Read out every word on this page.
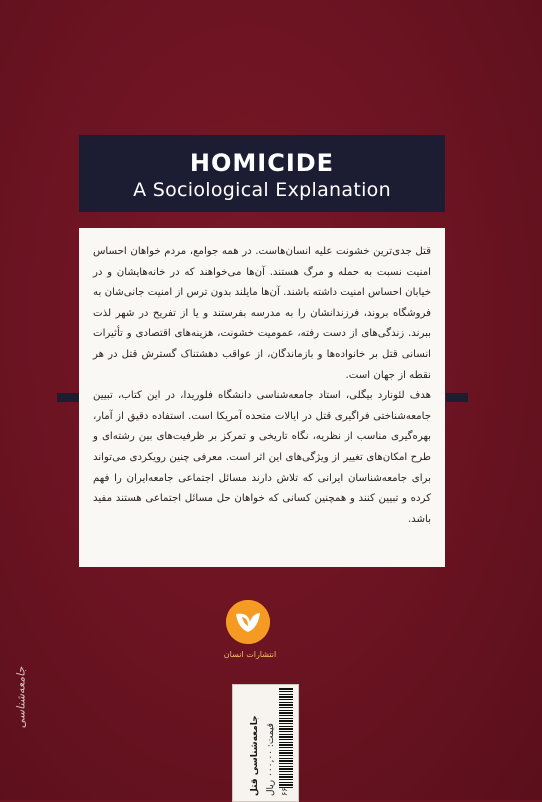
HOMICIDE
A Sociological Explanation

قتل جدی‌ترین خشونت علیه انسان‌هاست. در همه جوامع، مردم خواهان احساس امنیت نسبت به حمله و مرگ هستند. آن‌ها می‌خواهند که در خانه‌هایشان و در خیابان احساس امنیت داشته باشند. آن‌ها مایلند بدون ترس از امنیت جانی‌شان به فروشگاه بروند، فرزندانشان را به مدرسه بفرستند و یا از تفریح در شهر لذت ببرند. زندگی‌های از دست رفته، عمومیت خشونت، هزینه‌های اقتصادی و تأثیرات انسانی قتل بر خانواده‌ها و بازماندگان، از عواقب دهشتناک گسترش قتل در هر نقطه از جهان است.

هدف لئونارد بیگلی، استاد جامعه‌شناسی دانشگاه فلوریدا، در این کتاب، تبیین جامعه‌شناختی فراگیری قتل در ایالات متحده آمریکا است. استفاده دقیق از آمار، بهره‌گیری مناسب از نظریه، نگاه تاریخی و تمرکز بر ظرفیت‌های بین رشته‌ای و طرح امکان‌های تغییر از ویژگی‌های این اثر است. معرفی چنین رویکردی می‌تواند برای جامعه‌شناسان ایرانی که تلاش دارند مسائل اجتماعی جامعه‌ایران را فهم کرده و تبیین کنند و همچنین کسانی که خواهان حل مسائل اجتماعی هستند مفید باشد.

انتشارات انسان
جامعه‌شناسی
جامعه‌شناسی قتل قیمت: ۰۰۰,۰۰ ریال
